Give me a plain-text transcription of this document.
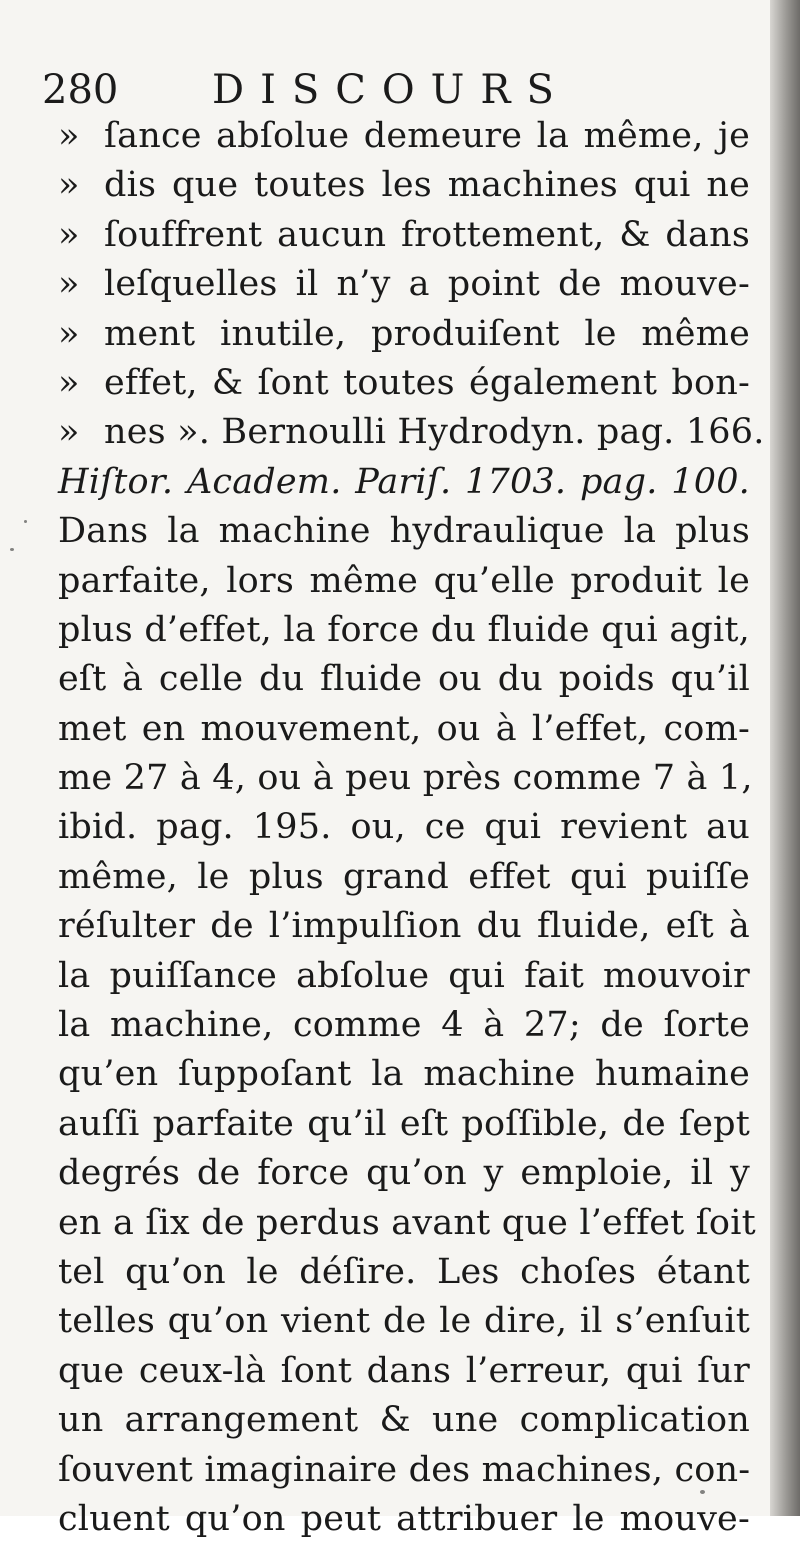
280 DISCOURS
» ſance abſolue demeure la même, je
» dis que toutes les machines qui ne
» ſouffrent aucun frottement, & dans
» leſquelles il n’y a point de mouve-
» ment inutile, produiſent le même
» effet, & ſont toutes également bon-
» nes ». Bernoulli Hydrodyn. pag. 166.
Hiſtor. Academ. Pariſ. 1703. pag. 100.
Dans la machine hydraulique la plus
parfaite, lors même qu’elle produit le
plus d’effet, la force du fluide qui agit,
eſt à celle du fluide ou du poids qu’il
met en mouvement, ou à l’effet, com-
me 27 à 4, ou à peu près comme 7 à 1,
ibid. pag. 195. ou, ce qui revient au
même, le plus grand effet qui puiſſe
réſulter de l’impulſion du fluide, eſt à
la puiſſance abſolue qui fait mouvoir
la machine, comme 4 à 27; de ſorte
qu’en ſuppoſant la machine humaine
auſſi parfaite qu’il eſt poſſible, de ſept
degrés de force qu’on y emploie, il y
en a ſix de perdus avant que l’effet ſoit
tel qu’on le déſire. Les choſes étant
telles qu’on vient de le dire, il s’enſuit
que ceux-là ſont dans l’erreur, qui ſur
un arrangement & une complication
ſouvent imaginaire des machines, con-
cluent qu’on peut attribuer le mouve-
